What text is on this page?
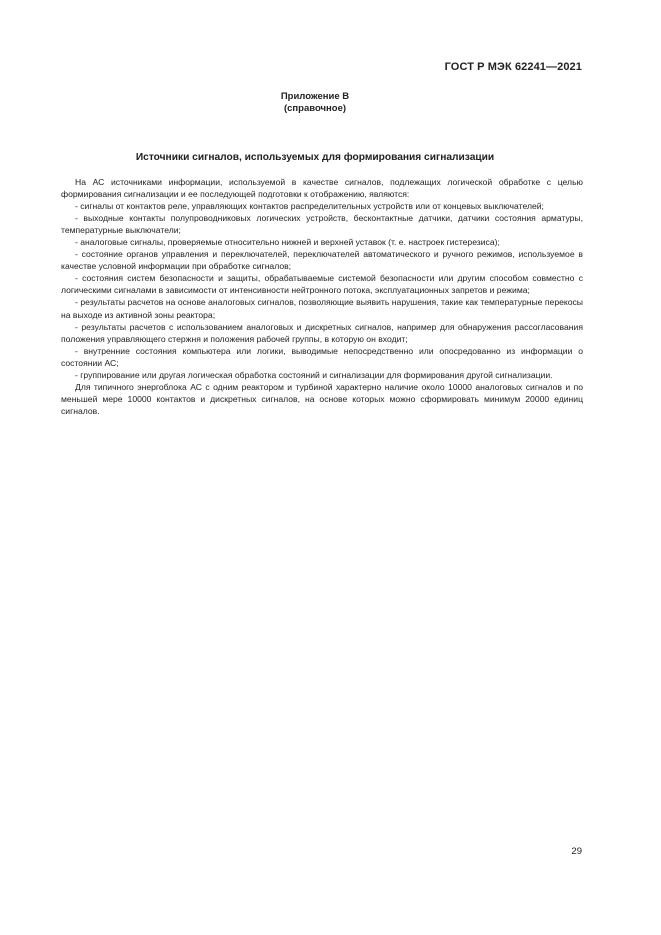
ГОСТ Р МЭК 62241—2021
Приложение В
(справочное)
Источники сигналов, используемых для формирования сигнализации

На АС источниками информации, используемой в качестве сигналов, подлежащих логической обработке с целью формирования сигнализации и ее последующей подготовки к отображению, являются:

- сигналы от контактов реле, управляющих контактов распределительных устройств или от концевых выключателей;

- выходные контакты полупроводниковых логических устройств, бесконтактные датчики, датчики состояния арматуры, температурные выключатели;

- аналоговые сигналы, проверяемые относительно нижней и верхней уставок (т. е. настроек гистерезиса);

- состояние органов управления и переключателей, переключателей автоматического и ручного режимов, используемое в качестве условной информации при обработке сигналов;

- состояния систем безопасности и защиты, обрабатываемые системой безопасности или другим способом совместно с логическими сигналами в зависимости от интенсивности нейтронного потока, эксплуатационных запретов и режима;

- результаты расчетов на основе аналоговых сигналов, позволяющие выявить нарушения, такие как температурные перекосы на выходе из активной зоны реактора;

- результаты расчетов с использованием аналоговых и дискретных сигналов, например для обнаружения рассогласования положения управляющего стержня и положения рабочей группы, в которую он входит;

- внутренние состояния компьютера или логики, выводимые непосредственно или опосредованно из информации о состоянии АС;

- группирование или другая логическая обработка состояний и сигнализации для формирования другой сигнализации.

Для типичного энергоблока АС с одним реактором и турбиной характерно наличие около 10000 аналоговых сигналов и по меньшей мере 10000 контактов и дискретных сигналов, на основе которых можно сформировать минимум 20000 единиц сигналов.

29
